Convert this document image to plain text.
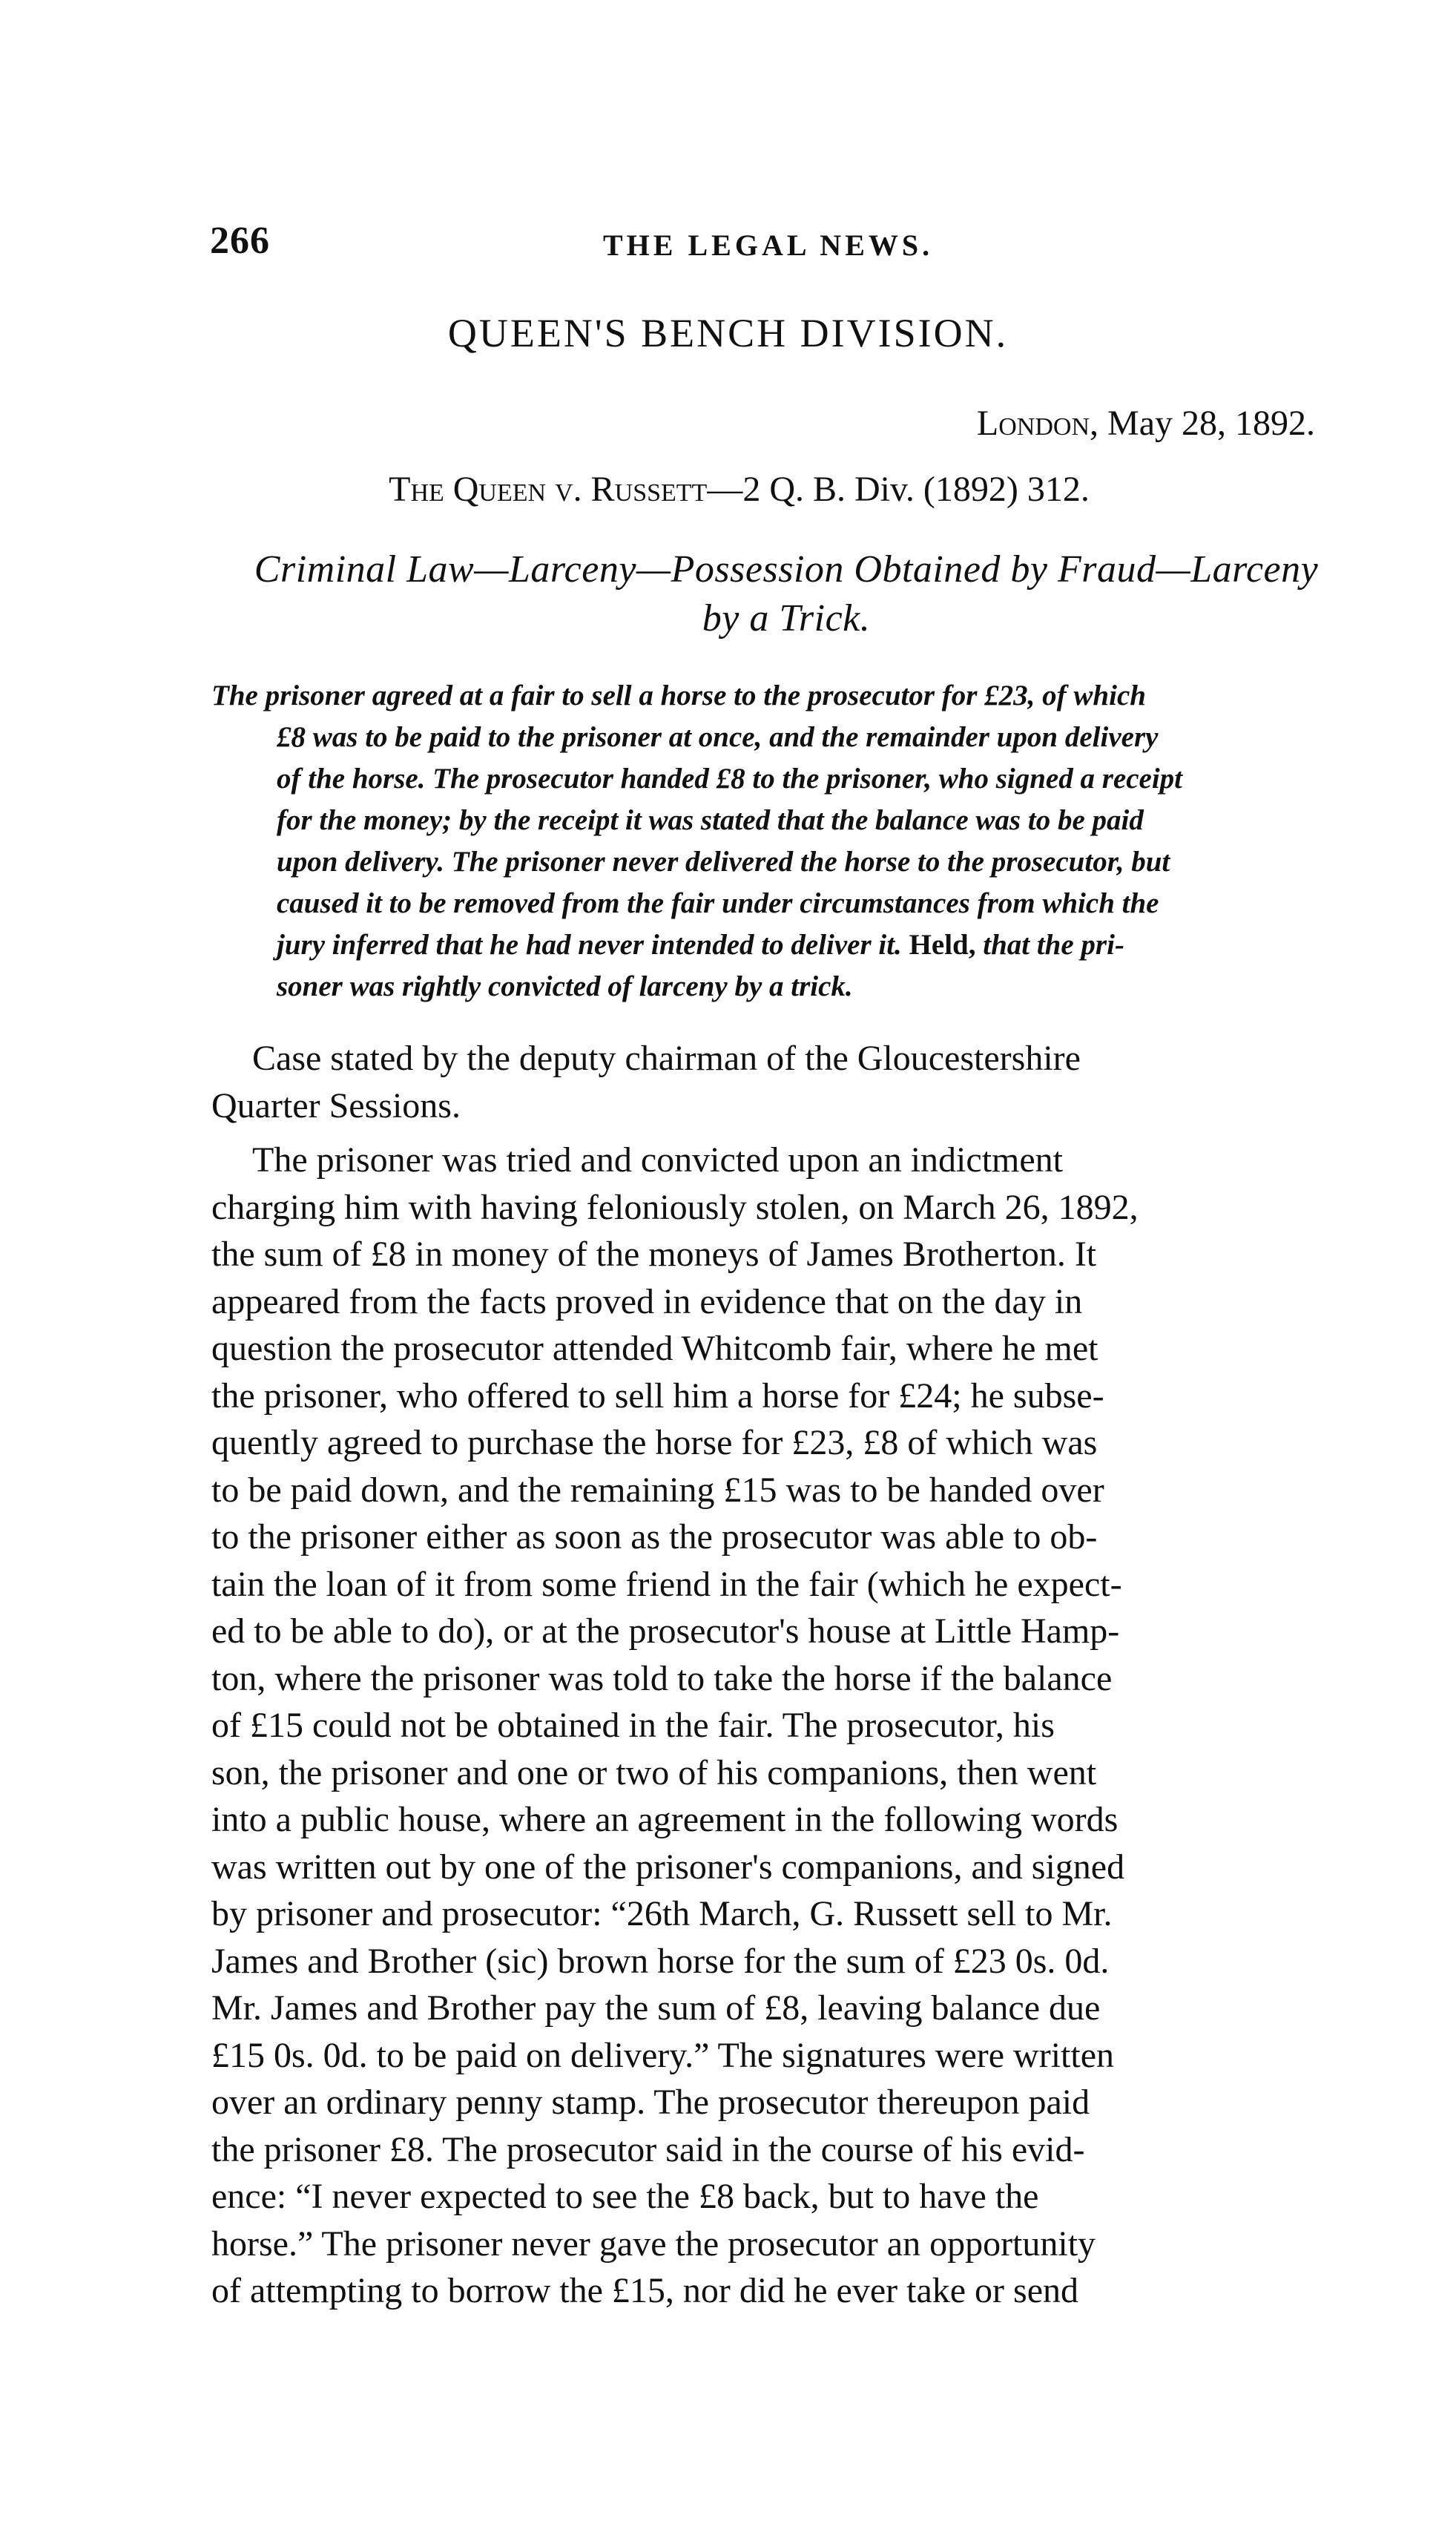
266	THE LEGAL NEWS.
QUEEN'S BENCH DIVISION.
London, May 28, 1892.
The Queen v. Russett—2 Q. B. Div. (1892) 312.
Criminal Law—Larceny—Possession Obtained by Fraud—Larceny
by a Trick.
The prisoner agreed at a fair to sell a horse to the prosecutor for £23, of which
£8 was to be paid to the prisoner at once, and the remainder upon delivery
of the horse. The prosecutor handed £8 to the prisoner, who signed a receipt
for the money; by the receipt it was stated that the balance was to be paid
upon delivery. The prisoner never delivered the horse to the prosecutor, but
caused it to be removed from the fair under circumstances from which the
jury inferred that he had never intended to deliver it. Held, that the pri-
soner was rightly convicted of larceny by a trick.
Case stated by the deputy chairman of the Gloucestershire
Quarter Sessions.
The prisoner was tried and convicted upon an indictment
charging him with having feloniously stolen, on March 26, 1892,
the sum of £8 in money of the moneys of James Brotherton. It
appeared from the facts proved in evidence that on the day in
question the prosecutor attended Whitcomb fair, where he met
the prisoner, who offered to sell him a horse for £24; he subse-
quently agreed to purchase the horse for £23, £8 of which was
to be paid down, and the remaining £15 was to be handed over
to the prisoner either as soon as the prosecutor was able to ob-
tain the loan of it from some friend in the fair (which he expect-
ed to be able to do), or at the prosecutor's house at Little Hamp-
ton, where the prisoner was told to take the horse if the balance
of £15 could not be obtained in the fair. The prosecutor, his
son, the prisoner and one or two of his companions, then went
into a public house, where an agreement in the following words
was written out by one of the prisoner's companions, and signed
by prisoner and prosecutor: “26th March, G. Russett sell to Mr.
James and Brother (sic) brown horse for the sum of £23 0s. 0d.
Mr. James and Brother pay the sum of £8, leaving balance due
£15 0s. 0d. to be paid on delivery.” The signatures were written
over an ordinary penny stamp. The prosecutor thereupon paid
the prisoner £8. The prosecutor said in the course of his evid-
ence: “I never expected to see the £8 back, but to have the
horse.” The prisoner never gave the prosecutor an opportunity
of attempting to borrow the £15, nor did he ever take or send
